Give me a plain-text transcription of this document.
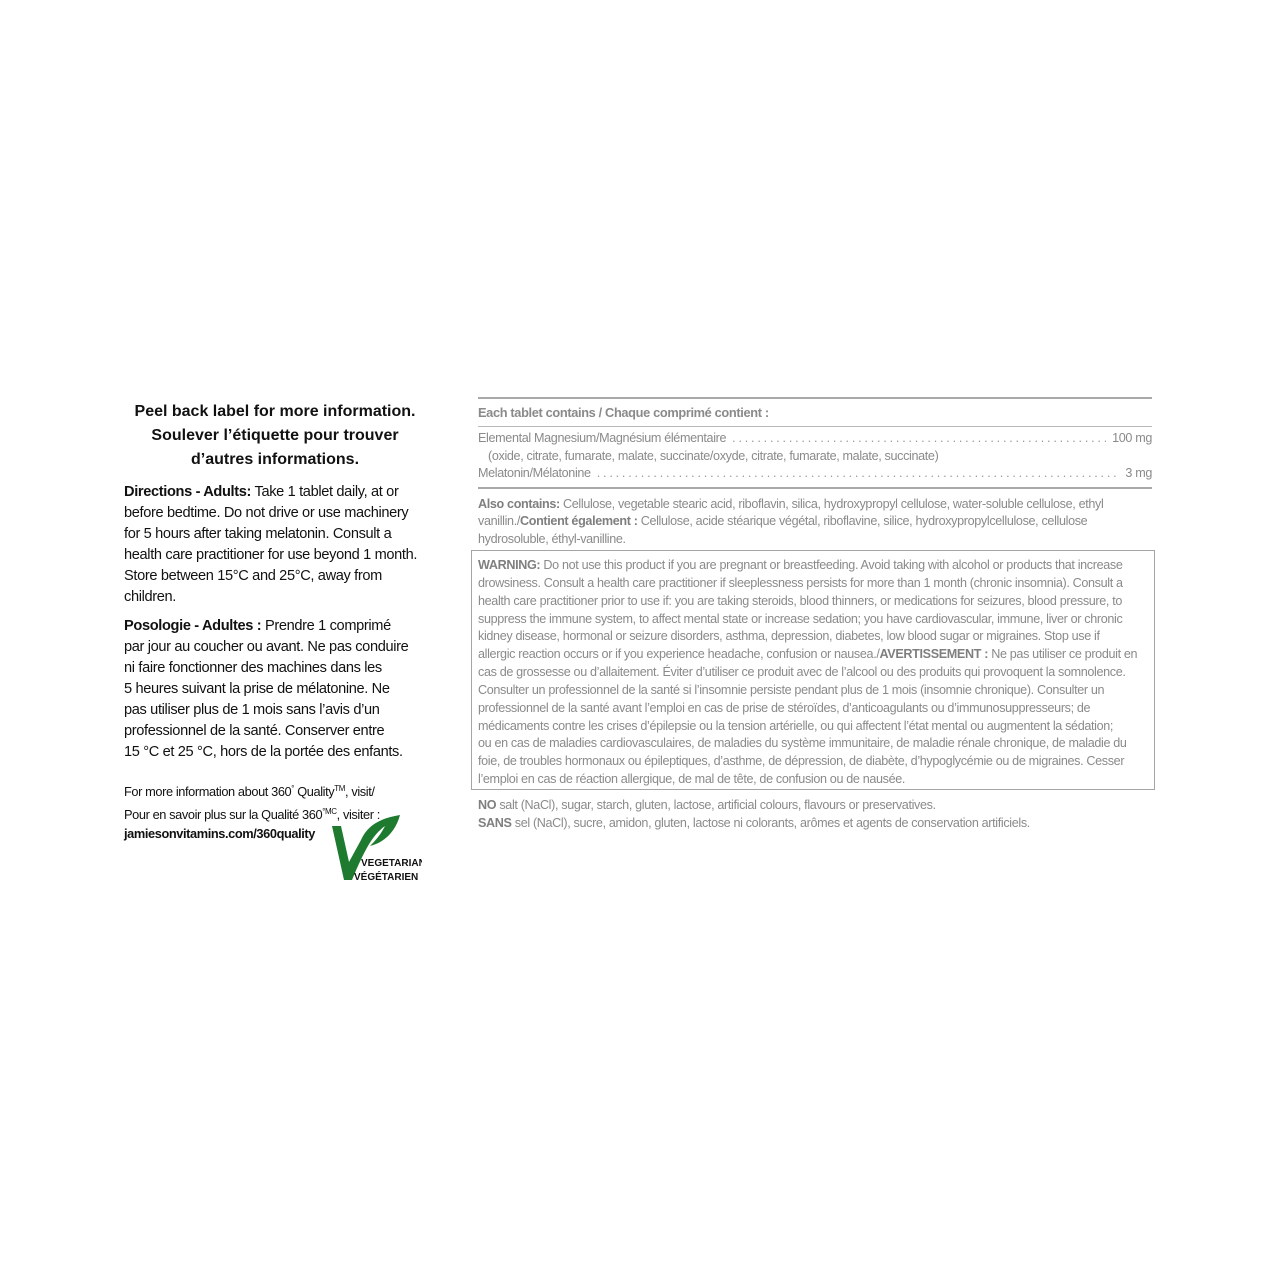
Peel back label for more information.
Soulever l’étiquette pour trouver
d’autres informations.
Directions - Adults: Take 1 tablet daily, at or
before bedtime. Do not drive or use machinery
for 5 hours after taking melatonin. Consult a
health care practitioner for use beyond 1 month.
Store between 15°C and 25°C, away from
children.
Posologie - Adultes : Prendre 1 comprimé
par jour au coucher ou avant. Ne pas conduire
ni faire fonctionner des machines dans les
5 heures suivant la prise de mélatonine. Ne
pas utiliser plus de 1 mois sans l’avis d’un
professionnel de la santé. Conserver entre
15 °C et 25 °C, hors de la portée des enfants.
For more information about 360° Quality™, visit/
Pour en savoir plus sur la Qualité $360^{^\circ MC}$, visiter :
jamiesonvitamins.com/360quality
VEGETARIAN
VÉGÉTARIEN
Each tablet contains / Chaque comprimé contient :
Elemental Magnesium/Magnésium élémentaire . . .	100 mg
(oxide, citrate, fumarate, malate, succinate/oxyde, citrate, fumarate, malate, succinate)
Melatonin/Mélatonine . . .	3 mg
Also contains: Cellulose, vegetable stearic acid, riboflavin, silica, hydroxypropyl cellulose, water-soluble cellulose, ethyl
vanillin./Contient également : Cellulose, acide stéarique végétal, riboflavine, silice, hydroxypropylcellulose, cellulose
hydrosoluble, éthyl-vanilline.
WARNING: Do not use this product if you are pregnant or breastfeeding. Avoid taking with alcohol or products that increase
drowsiness. Consult a health care practitioner if sleeplessness persists for more than 1 month (chronic insomnia). Consult a
health care practitioner prior to use if: you are taking steroids, blood thinners, or medications for seizures, blood pressure, to
suppress the immune system, to affect mental state or increase sedation; you have cardiovascular, immune, liver or chronic
kidney disease, hormonal or seizure disorders, asthma, depression, diabetes, low blood sugar or migraines. Stop use if
allergic reaction occurs or if you experience headache, confusion or nausea./AVERTISSEMENT : Ne pas utiliser ce produit en
cas de grossesse ou d’allaitement. Éviter d’utiliser ce produit avec de l’alcool ou des produits qui provoquent la somnolence.
Consulter un professionnel de la santé si l’insomnie persiste pendant plus de 1 mois (insomnie chronique). Consulter un
professionnel de la santé avant l’emploi en cas de prise de stéroïdes, d’anticoagulants ou d’immunosuppresseurs; de
médicaments contre les crises d’épilepsie ou la tension artérielle, ou qui affectent l’état mental ou augmentent la sédation;
ou en cas de maladies cardiovasculaires, de maladies du système immunitaire, de maladie rénale chronique, de maladie du
foie, de troubles hormonaux ou épileptiques, d’asthme, de dépression, de diabète, d’hypoglycémie ou de migraines. Cesser
l’emploi en cas de réaction allergique, de mal de tête, de confusion ou de nausée.
NO salt (NaCl), sugar, starch, gluten, lactose, artificial colours, flavours or preservatives.
SANS sel (NaCl), sucre, amidon, gluten, lactose ni colorants, arômes et agents de conservation artificiels.
